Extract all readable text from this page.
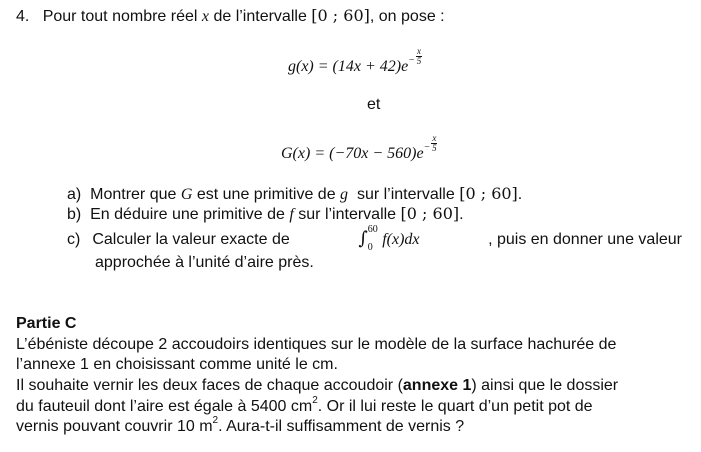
4. Pour tout nombre réel x de l’intervalle [0 ; 60], on pose :
$g(x) = (14x + 42)e^- \frac{x}{5}$
et
$G(x) = (-70x - 560)e^- \frac{x}{5}$
a) Montrer que G est une primitive de g sur l’intervalle [0 ; 60].
b) En déduire une primitive de f sur l’intervalle [0 ; 60].
c) Calculer la valeur exacte de	∫ 60
0 f(x)dx	, puis en donner une valeur
approchée à l’unité d’aire près.
Partie C
L’ébéniste découpe 2 accoudoirs identiques sur le modèle de la surface hachurée de
l’annexe 1 en choisissant comme unité le cm.
Il souhaite vernir les deux faces de chaque accoudoir (annexe 1) ainsi que le dossier
du fauteuil dont l’aire est égale à 5400 $cm^2$. Or il lui reste le quart d’un petit pot de
vernis pouvant couvrir 10 $m^2$. Aura-t-il suffisamment de vernis ?
